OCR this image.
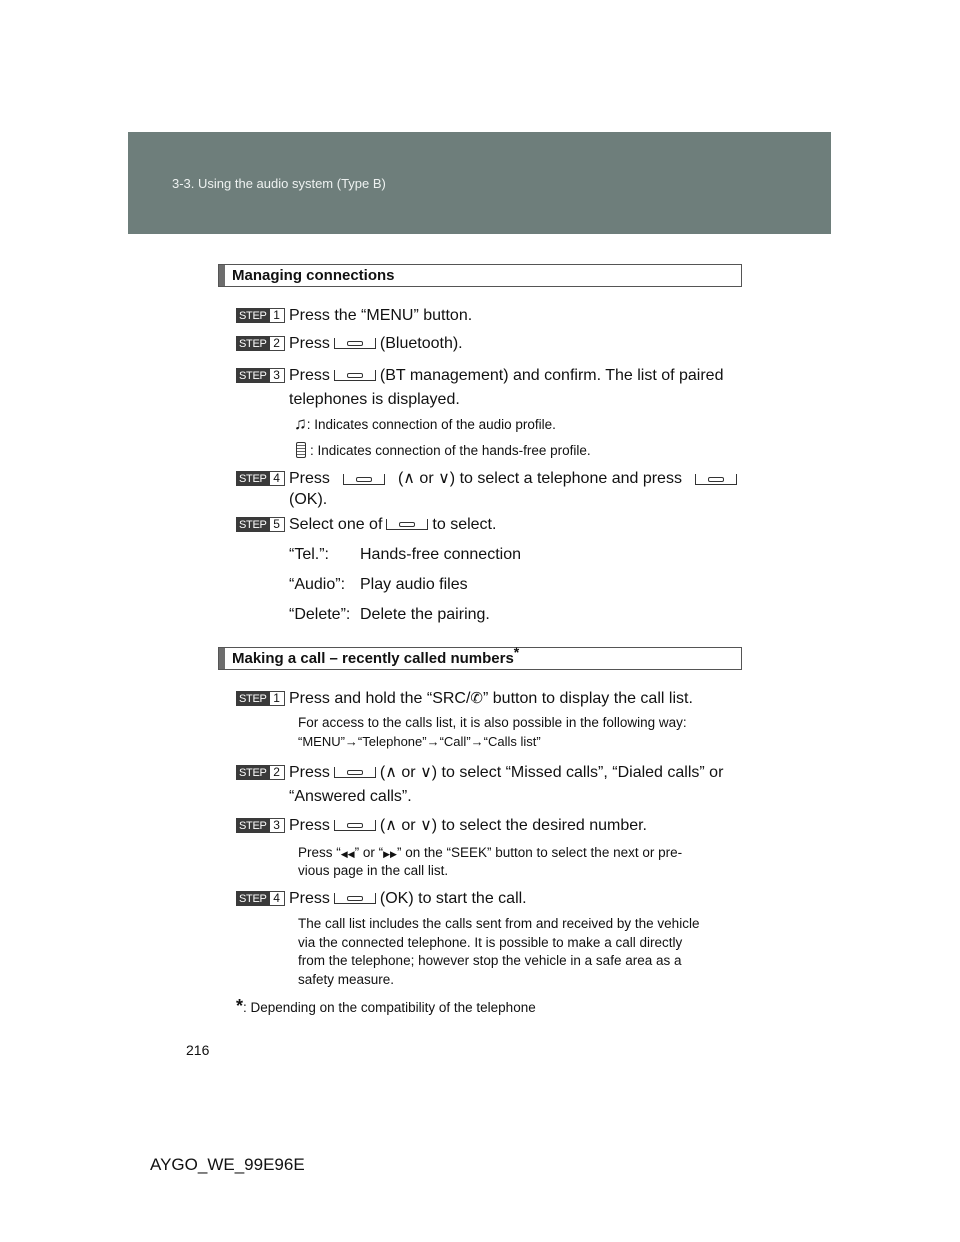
3-3. Using the audio system (Type B)
Managing connections
STEP 1 Press the “MENU” button.
STEP 2 Press	(Bluetooth).
STEP 3 Press	(BT management) and confirm. The list of paired
telephones is displayed.
♫: Indicates connection of the audio profile.
: Indicates connection of the hands-free profile.
STEP 4 Press	(∧ or ∨) to select a telephone and press
(OK).
STEP 5 Select one of	to select.
“Tel.”: Hands-free connection
“Audio”: Play audio files
“Delete”: Delete the pairing.
Making a call – recently called numbers*
STEP 1 Press and hold the “SRC/✆” button to display the call list.
For access to the calls list, it is also possible in the following way:
“MENU”→“Telephone”→“Call”→“Calls list”
STEP 2 Press	(∧ or ∨) to select “Missed calls”, “Dialed calls” or
“Answered calls”.
STEP 3 Press	(∧ or ∨) to select the desired number.
Press “◀◀” or “▶▶” on the “SEEK” button to select the next or pre-
vious page in the call list.
STEP 4 Press	(OK) to start the call.
The call list includes the calls sent from and received by the vehicle
via the connected telephone. It is possible to make a call directly
from the telephone; however stop the vehicle in a safe area as a
safety measure.
*: Depending on the compatibility of the telephone
216
AYGO_WE_99E96E
